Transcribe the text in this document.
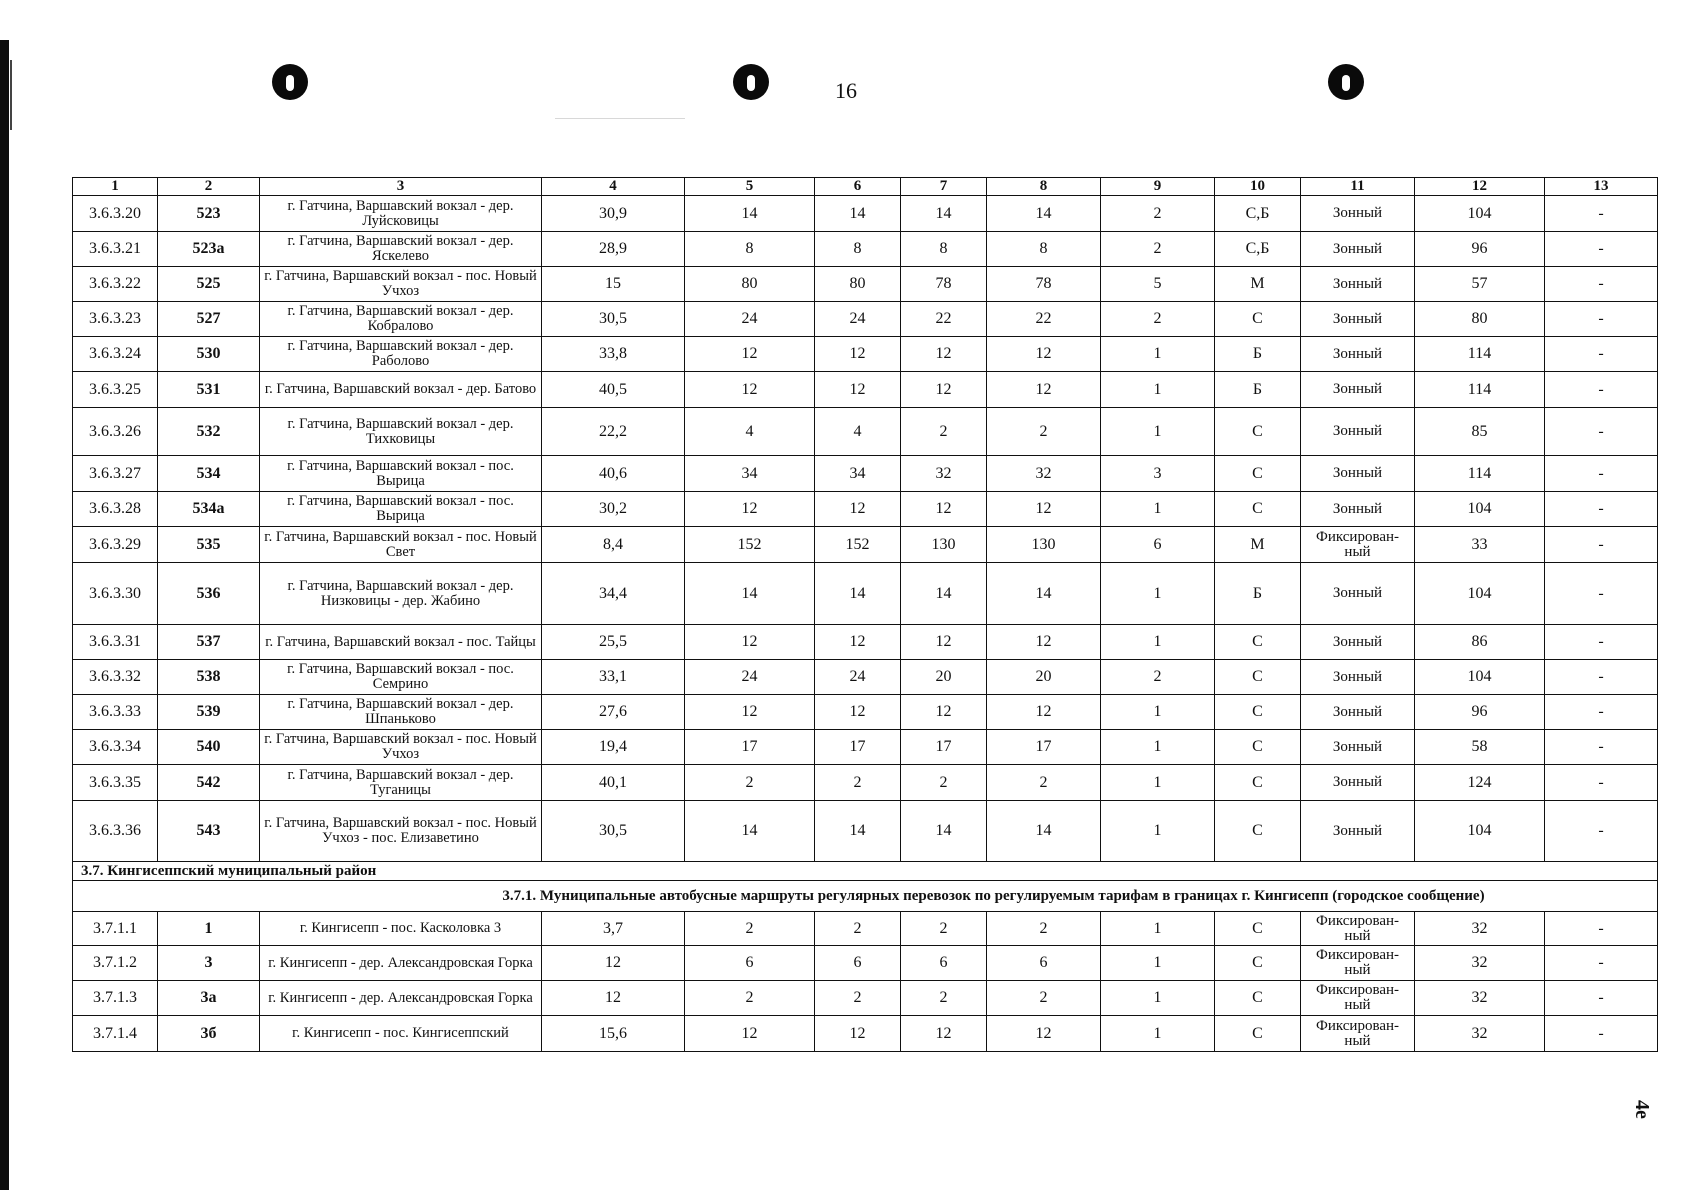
16
4e
1	2	3	4	5	6	7	8	9	10	11	12	13
3.6.3.20	523	г. Гатчина, Варшавский вокзал - дер. Луйсковицы	30,9	14	14	14	14	2	С,Б	Зонный	104	-
3.6.3.21	523а	г. Гатчина, Варшавский вокзал - дер. Яскелево	28,9	8	8	8	8	2	С,Б	Зонный	96	-
3.6.3.22	525	г. Гатчина, Варшавский вокзал - пос. Новый Учхоз	15	80	80	78	78	5	М	Зонный	57	-
3.6.3.23	527	г. Гатчина, Варшавский вокзал - дер. Кобралово	30,5	24	24	22	22	2	С	Зонный	80	-
3.6.3.24	530	г. Гатчина, Варшавский вокзал - дер. Раболово	33,8	12	12	12	12	1	Б	Зонный	114	-
3.6.3.25	531	г. Гатчина, Варшавский вокзал - дер. Батово	40,5	12	12	12	12	1	Б	Зонный	114	-
3.6.3.26	532	г. Гатчина, Варшавский вокзал - дер. Тихковицы	22,2	4	4	2	2	1	С	Зонный	85	-
3.6.3.27	534	г. Гатчина, Варшавский вокзал - пос. Вырица	40,6	34	34	32	32	3	С	Зонный	114	-
3.6.3.28	534а	г. Гатчина, Варшавский вокзал - пос. Вырица	30,2	12	12	12	12	1	С	Зонный	104	-
3.6.3.29	535	г. Гатчина, Варшавский вокзал - пос. Новый Свет	8,4	152	152	130	130	6	М	Фиксирован-ный	33	-
3.6.3.30	536	г. Гатчина, Варшавский вокзал - дер. Низковицы - дер. Жабино	34,4	14	14	14	14	1	Б	Зонный	104	-
3.6.3.31	537	г. Гатчина, Варшавский вокзал - пос. Тайцы	25,5	12	12	12	12	1	С	Зонный	86	-
3.6.3.32	538	г. Гатчина, Варшавский вокзал - пос. Семрино	33,1	24	24	20	20	2	С	Зонный	104	-
3.6.3.33	539	г. Гатчина, Варшавский вокзал - дер. Шпаньково	27,6	12	12	12	12	1	С	Зонный	96	-
3.6.3.34	540	г. Гатчина, Варшавский вокзал - пос. Новый Учхоз	19,4	17	17	17	17	1	С	Зонный	58	-
3.6.3.35	542	г. Гатчина, Варшавский вокзал - дер. Туганицы	40,1	2	2	2	2	1	С	Зонный	124	-
3.6.3.36	543	г. Гатчина, Варшавский вокзал - пос. Новый Учхоз - пос. Елизаветино	30,5	14	14	14	14	1	С	Зонный	104	-
3.7. Кингисеппский муниципальный район												
3.7.1. Муниципальные автобусные маршруты регулярных перевозок по регулируемым тарифам в границах г. Кингисепп (городское сообщение)												
3.7.1.1	1	г. Кингисепп - пос. Касколовка 3	3,7	2	2	2	2	1	С	Фиксирован-ный	32	-
3.7.1.2	3	г. Кингисепп - дер. Александровская Горка	12	6	6	6	6	1	С	Фиксирован-ный	32	-
3.7.1.3	3а	г. Кингисепп - дер. Александровская Горка	12	2	2	2	2	1	С	Фиксирован-ный	32	-
3.7.1.4	3б	г. Кингисепп - пос. Кингисеппский	15,6	12	12	12	12	1	С	Фиксирован-ный	32	-
